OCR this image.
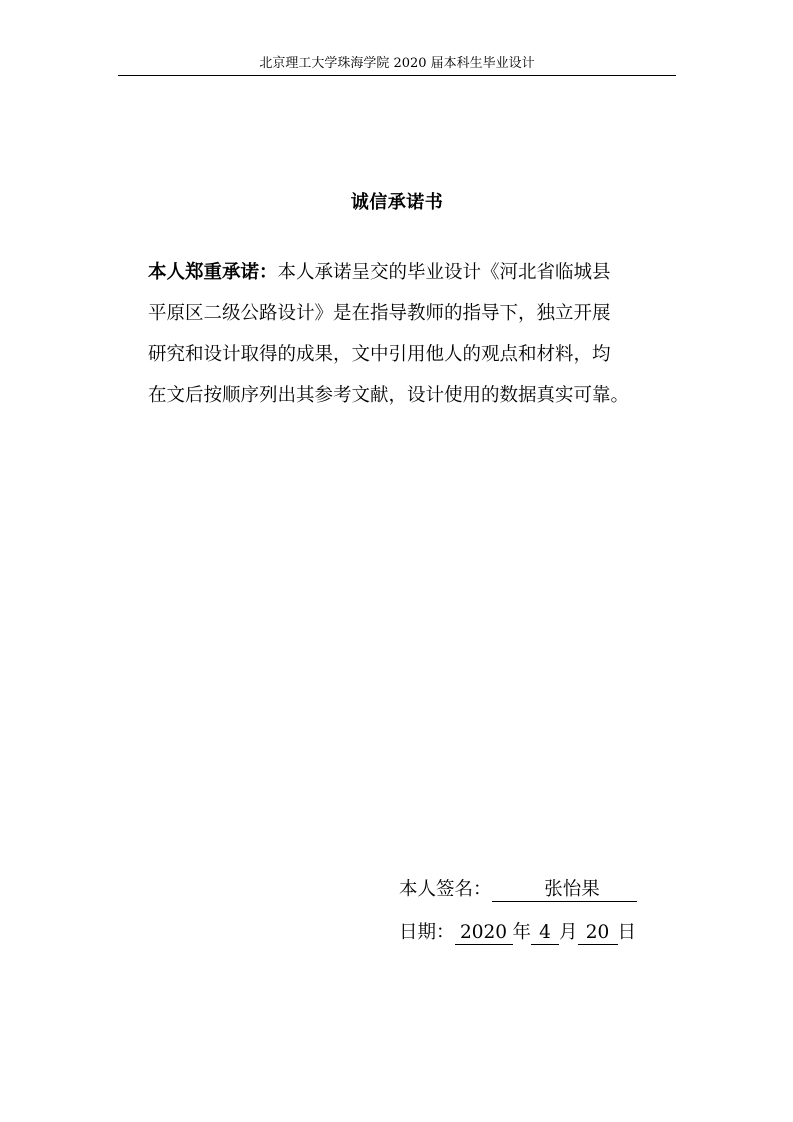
北京理工大学珠海学院 2020 届本科生毕业设计
诚信承诺书
本人郑重承诺：本人承诺呈交的毕业设计《河北省临城县
平原区二级公路设计》是在指导教师的指导下，独立开展
研究和设计取得的成果，文中引用他人的观点和材料，均
在文后按顺序列出其参考文献，设计使用的数据真实可靠。
本人签名：	张怡果
日期： 2020 年 4 月 20 日
